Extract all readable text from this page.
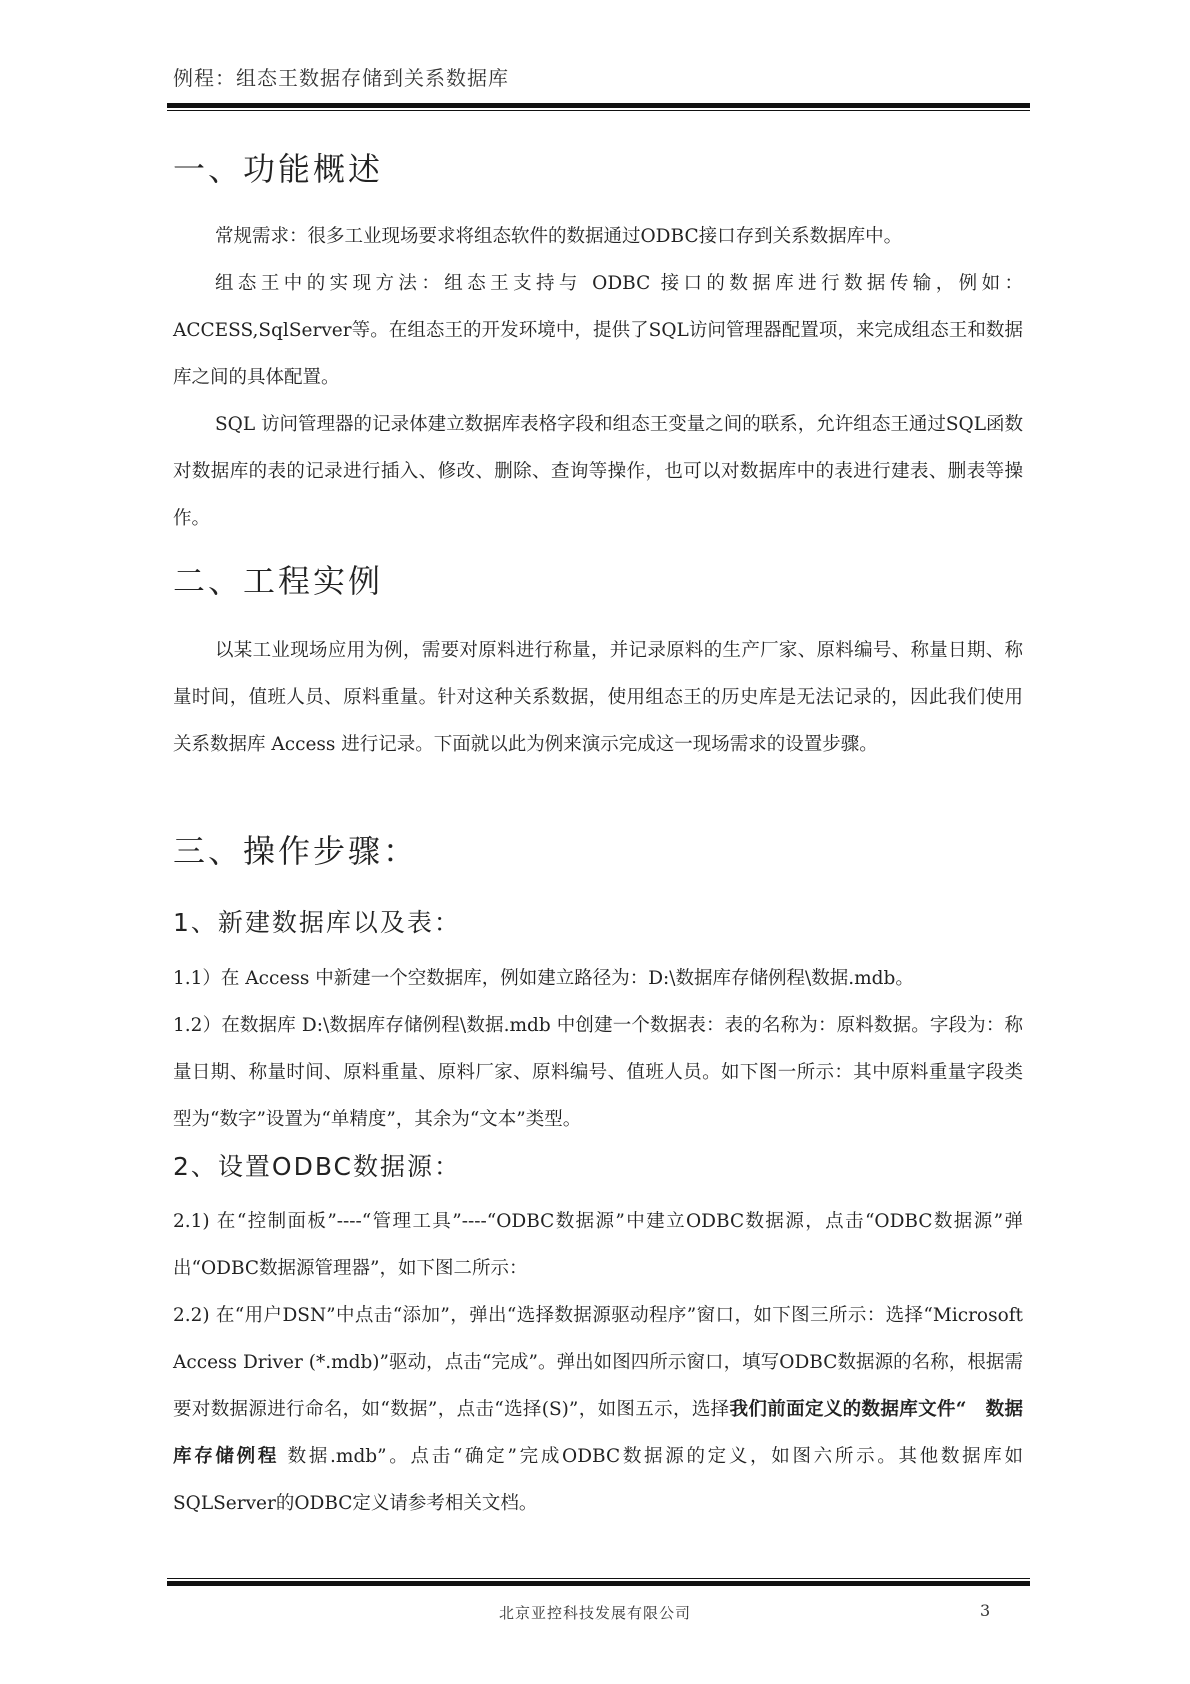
例程：组态王数据存储到关系数据库
一、功能概述
常规需求：很多工业现场要求将组态软件的数据通过ODBC接口存到关系数据库中。
组态王中的实现方法：组态王支持与 ODBC 接口的数据库进行数据传输，例如：ACCESS,SqlServer等。在组态王的开发环境中，提供了SQL访问管理器配置项，来完成组态王和数据库之间的具体配置。
SQL 访问管理器的记录体建立数据库表格字段和组态王变量之间的联系，允许组态王通过SQL函数对数据库的表的记录进行插入、修改、删除、查询等操作，也可以对数据库中的表进行建表、删表等操作。
二、工程实例
以某工业现场应用为例，需要对原料进行称量，并记录原料的生产厂家、原料编号、称量日期、称量时间，值班人员、原料重量。针对这种关系数据，使用组态王的历史库是无法记录的，因此我们使用关系数据库 Access 进行记录。下面就以此为例来演示完成这一现场需求的设置步骤。
三、操作步骤：
1、新建数据库以及表：
1.1）在 Access 中新建一个空数据库，例如建立路径为：D:\数据库存储例程\数据.mdb。
1.2）在数据库 D:\数据库存储例程\数据.mdb 中创建一个数据表：表的名称为：原料数据。字段为：称量日期、称量时间、原料重量、原料厂家、原料编号、值班人员。如下图一所示：其中原料重量字段类型为“数字”设置为“单精度”，其余为“文本”类型。
2、设置ODBC数据源：
2.1) 在“控制面板”----“管理工具”----“ODBC数据源”中建立ODBC数据源，点击“ODBC数据源”弹出“ODBC数据源管理器”，如下图二所示：
2.2) 在“用户DSN”中点击“添加”，弹出“选择数据源驱动程序”窗口，如下图三所示：选择“Microsoft Access Driver (*.mdb)”驱动，点击“完成”。弹出如图四所示窗口，填写ODBC数据源的名称，根据需要对数据源进行命名，如“数据”，点击“选择(S)”，如图五示，选择我们前面定义的数据库文件“　数据库存储例程 数据.mdb”。点击“确定”完成ODBC数据源的定义，如图六所示。其他数据库如SQLServer的ODBC定义请参考相关文档。
北京亚控科技发展有限公司	3
